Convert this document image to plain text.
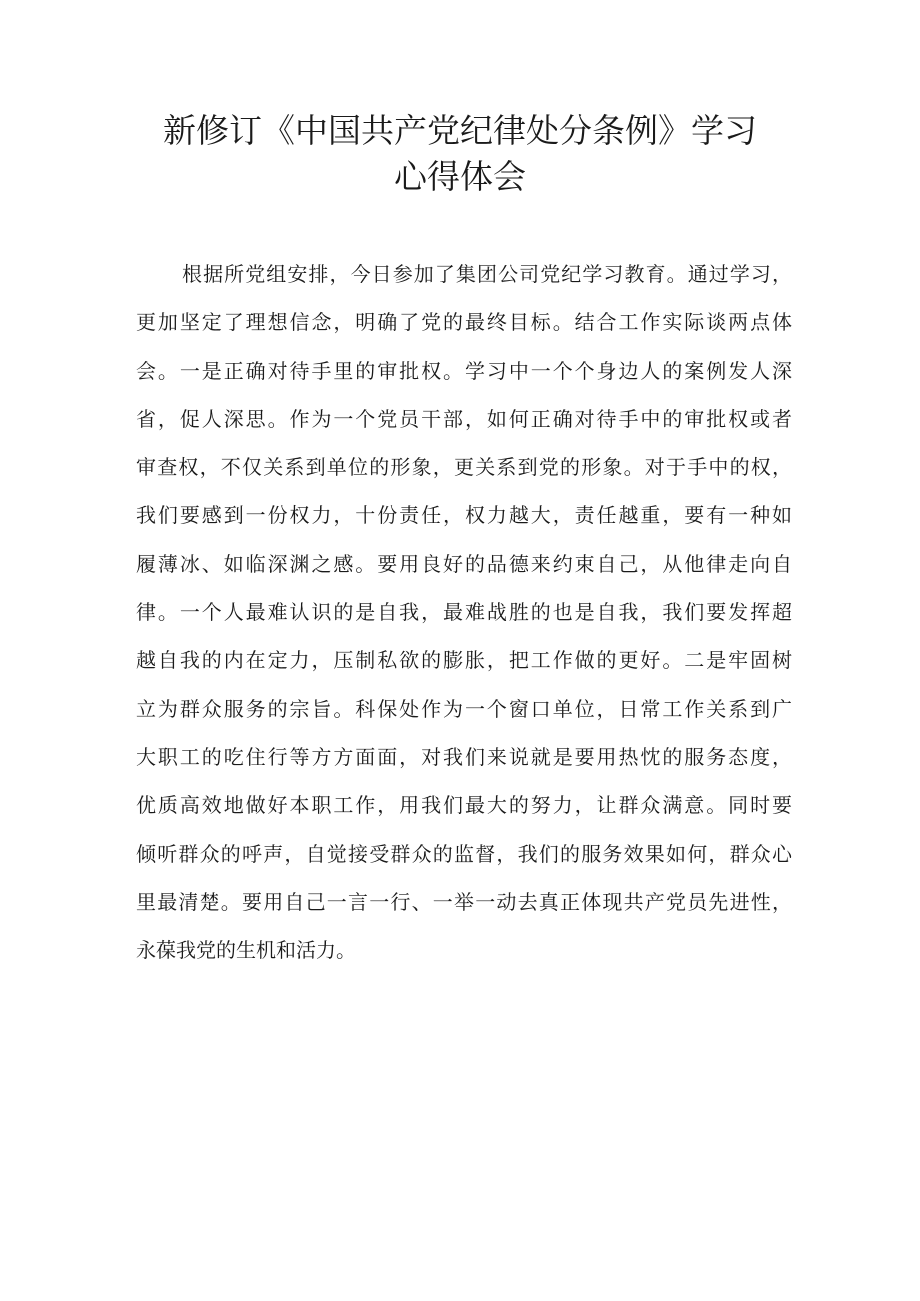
新修订《中国共产党纪律处分条例》学习
心得体会
根据所党组安排，今日参加了集团公司党纪学习教育。通过学习，
更加坚定了理想信念，明确了党的最终目标。结合工作实际谈两点体
会。一是正确对待手里的审批权。学习中一个个身边人的案例发人深
省，促人深思。作为一个党员干部，如何正确对待手中的审批权或者
审查权，不仅关系到单位的形象，更关系到党的形象。对于手中的权，
我们要感到一份权力，十份责任，权力越大，责任越重，要有一种如
履薄冰、如临深渊之感。要用良好的品德来约束自己，从他律走向自
律。一个人最难认识的是自我，最难战胜的也是自我，我们要发挥超
越自我的内在定力，压制私欲的膨胀，把工作做的更好。二是牢固树
立为群众服务的宗旨。科保处作为一个窗口单位，日常工作关系到广
大职工的吃住行等方方面面，对我们来说就是要用热忱的服务态度，
优质高效地做好本职工作，用我们最大的努力，让群众满意。同时要
倾听群众的呼声，自觉接受群众的监督，我们的服务效果如何，群众心
里最清楚。要用自己一言一行、一举一动去真正体现共产党员先进性，
永葆我党的生机和活力。
